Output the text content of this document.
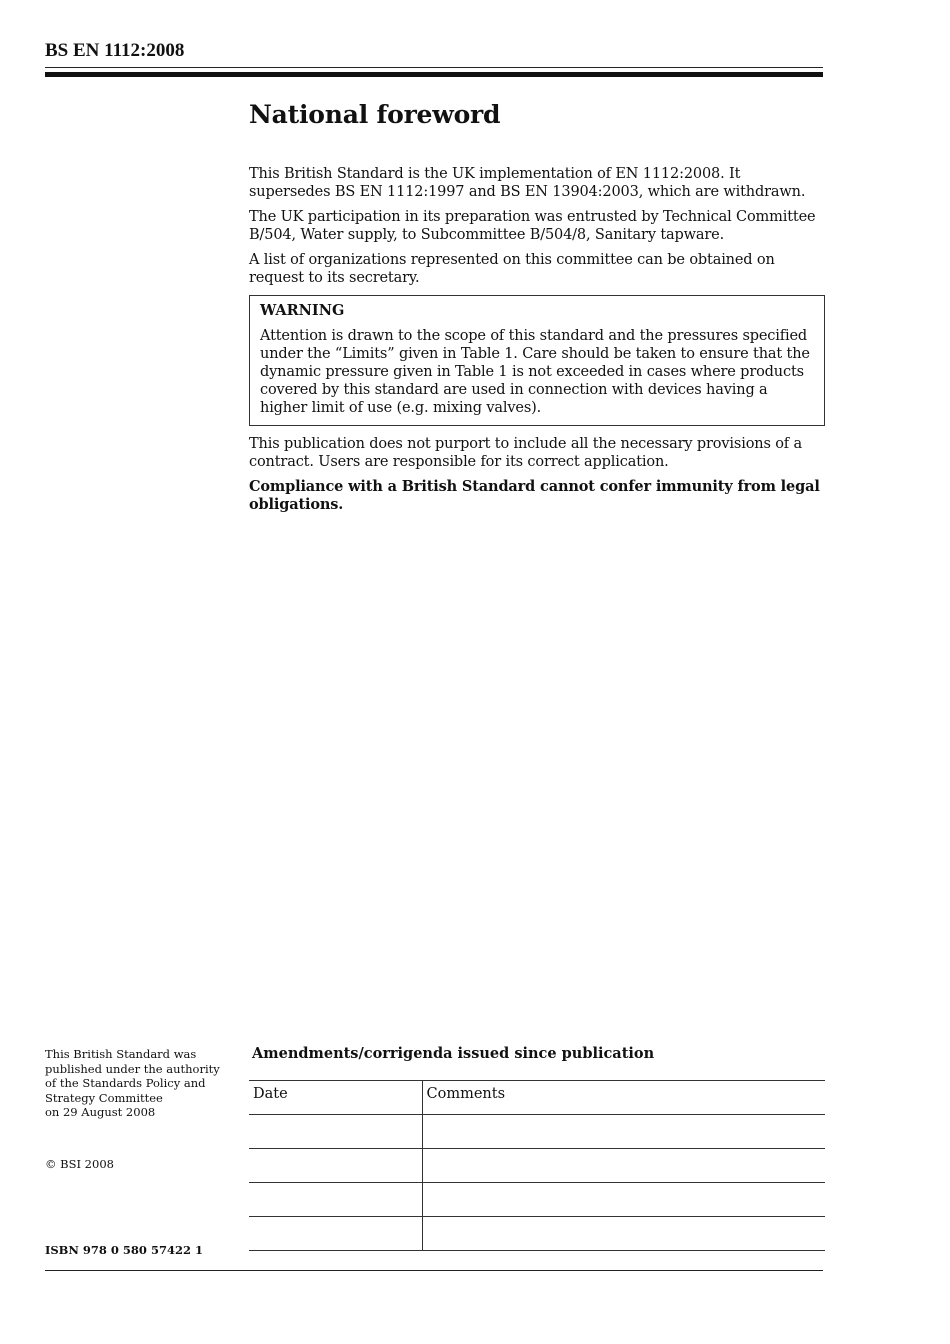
BS EN 1112:2008
National foreword

This British Standard is the UK implementation of EN 1112:2008. It supersedes BS EN 1112:1997 and BS EN 13904:2003, which are withdrawn.

The UK participation in its preparation was entrusted by Technical Committee B/504, Water supply, to Subcommittee B/504/8, Sanitary tapware.

A list of organizations represented on this committee can be obtained on request to its secretary.

WARNING
Attention is drawn to the scope of this standard and the pressures specified under the “Limits” given in Table 1. Care should be taken to ensure that the dynamic pressure given in Table 1 is not exceeded in cases where products covered by this standard are used in connection with devices having a higher limit of use (e.g. mixing valves).

This publication does not purport to include all the necessary provisions of a contract. Users are responsible for its correct application.

Compliance with a British Standard cannot confer immunity from legal obligations.

This British Standard was
published under the authority
of the Standards Policy and
Strategy Committee
on 29 August 2008
© BSI 2008
ISBN 978 0 580 57422 1
Amendments/corrigenda issued since publication
Date	Comments
